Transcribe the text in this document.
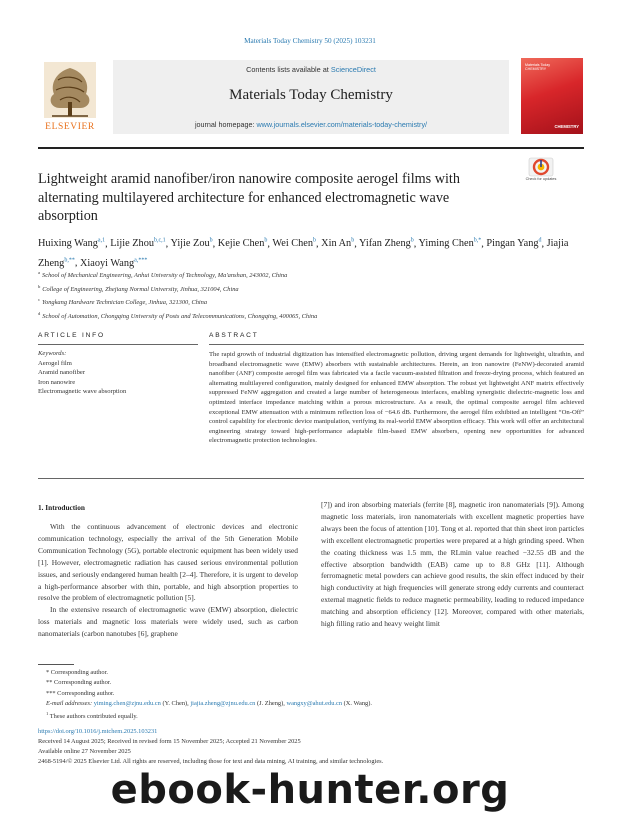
Materials Today Chemistry 50 (2025) 103231
ELSEVIER
Contents lists available at ScienceDirect
Materials Today Chemistry
journal homepage: www.journals.elsevier.com/materials-today-chemistry/
Materials Today CHEMISTRY
CHEMISTRY
Lightweight aramid nanofiber/iron nanowire composite aerogel films with alternating multilayered architecture for enhanced electromagnetic wave absorption
Check for updates
Huixing Wang$^{a,1}$, Lijie Zhou$^{b,c,1}$, Yijie Zou$^b$, Kejie Chen$^b$, Wei Chen$^b$, Xin An$^b$, Yifan Zheng$^b$, Yiming Chen$^{b,*}$, Pingan Yang$^d$, Jiajia Zheng$^{b,**}$, Xiaoyi Wang$^{a,***}$
$^a$ School of Mechanical Engineering, Anhui University of Technology, Ma'anshan, 243002, China
$^b$ College of Engineering, Zhejiang Normal University, Jinhua, 321004, China
$^c$ Yongkang Hardware Technician College, Jinhua, 321300, China
$^d$ School of Automation, Chongqing University of Posts and Telecommunications, Chongqing, 400065, China
ARTICLE INFO	ABSTRACT
Keywords:
Aerogel film
Aramid nanofiber
Iron nanowire
Electromagnetic wave absorption
The rapid growth of industrial digitization has intensified electromagnetic pollution, driving urgent demands for lightweight, ultrathin, and broadband electromagnetic wave (EMW) absorbers with sustainable architectures. Herein, an iron nanowire (FeNW)-decorated aramid nanofiber (ANF) composite aerogel film was fabricated via a facile vacuum-assisted filtration and freeze-drying process, which featured an alternating multilayered configuration, mainly designed for enhanced EMW absorption. The robust yet lightweight ANF matrix effectively suppressed FeNW aggregation and created a large number of heterogeneous interfaces, enabling synergistic dielectric-magnetic loss and optimized interface impedance matching within a porous microstructure. As a result, the optimal composite aerogel film achieved exceptional EMW attenuation with a minimum reflection loss of −64.6 dB. Furthermore, the aerogel film exhibited an intelligent “On-Off” control capability for electronic device manipulation, verifying its real-world EMW absorption efficacy. This work will offer an architectural engineering strategy toward high-performance adaptable film-based EMW absorbers, opening new opportunities for advanced electromagnetic protection technologies.
1. Introduction

With the continuous advancement of electronic devices and electronic communication technology, especially the arrival of the 5th Generation Mobile Communication Technology (5G), portable electronic equipment has been widely used [1]. However, electromagnetic radiation has caused serious environmental pollution issues, and seriously endangered human health [2–4]. Therefore, it is urgent to develop a high-performance absorber with thin, portable, and high absorption properties to resolve the problem of electromagnetic pollution [5].

In the extensive research of electromagnetic wave (EMW) absorption, dielectric loss materials and magnetic loss materials were widely used, such as carbon nanomaterials (carbon nanotubes [6], graphene

[7]) and iron absorbing materials (ferrite [8], magnetic iron nanomaterials [9]). Among magnetic loss materials, iron nanomaterials with excellent magnetic properties have always been the focus of attention [10]. Tong et al. reported that thin sheet iron particles with excellent electromagnetic properties were prepared at a high grinding speed. When the coating thickness was 1.5 mm, the RLmin value reached −32.55 dB and the effective absorption bandwidth (EAB) came up to 8.8 GHz [11]. Although ferromagnetic metal powders can achieve good results, the skin effect induced by their high conductivity at high frequencies will generate strong eddy currents and counteract external magnetic fields to reduce magnetic permeability, leading to reduced impedance matching and absorption efficiency [12]. Moreover, compared with other materials, high filling ratio and heavy weight limit

* Corresponding author.
** Corresponding author.
*** Corresponding author.
E-mail addresses: yiming.chen@zjnu.edu.cn (Y. Chen), jiajia.zheng@zjnu.edu.cn (J. Zheng), wangxy@ahut.edu.cn (X. Wang).
$^1$ These authors contributed equally.
https://doi.org/10.1016/j.mtchem.2025.103231
Received 14 August 2025; Received in revised form 15 November 2025; Accepted 21 November 2025
Available online 27 November 2025
2468-5194/© 2025 Elsevier Ltd. All rights are reserved, including those for text and data mining, AI training, and similar technologies.
ebook-hunter.org
